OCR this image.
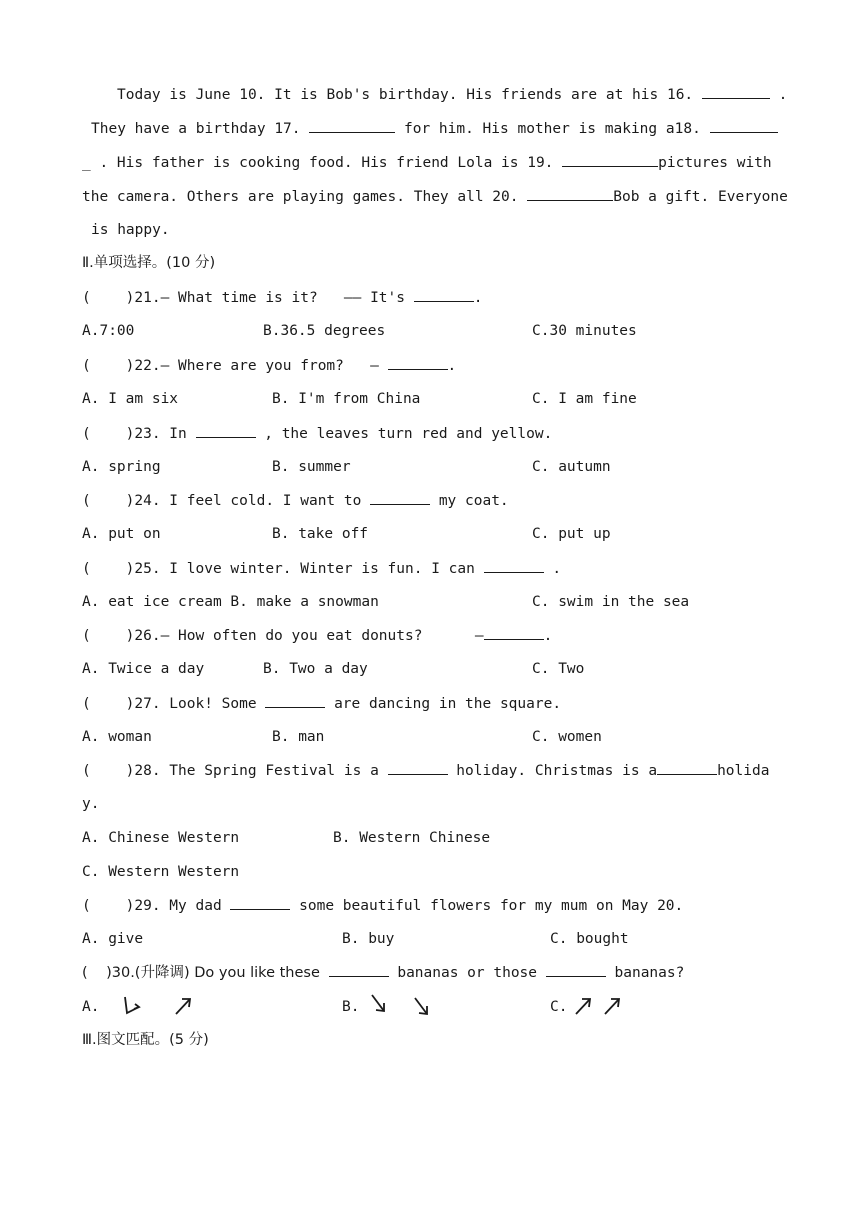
Today is June 10. It is Bob's birthday. His friends are at his 16.	.
They have a birthday 17.	for him. His mother is making a18.
_ . His father is cooking food. His friend Lola is 19.	pictures with
the camera. Others are playing games. They all 20.	Bob a gift. Everyone
is happy.
Ⅱ.单项选择。(10 分)
(    )21.— What time is it?   —— It's	.
A.7:00	B.36.5 degrees	C.30 minutes
(    )22.— Where are you from?   —	.
A. I am six	B. I'm from China	C. I am fine
(    )23. In	, the leaves turn red and yellow.
A. spring	B. summer	C. autumn
(    )24. I feel cold. I want to	my coat.
A. put on	B. take off	C. put up
(    )25. I love winter. Winter is fun. I can	.
A. eat ice cream B. make a snowman	C. swim in the sea
(    )26.— How often do you eat donuts?      —	.
A. Twice a day	B. Two a day	C. Two
(    )27. Look! Some	are dancing in the square.
A. woman	B. man	C. women
(    )28. The Spring Festival is a	holiday. Christmas is a	holida
y.
A. Chinese Western	B. Western Chinese
C. Western Western
(    )29. My dad	some beautiful flowers for my mum on May 20.
A. give	B. buy	C. bought
(    )30.(升降调) Do you like these	bananas or those	bananas?
A.	B.	C.
Ⅲ.图文匹配。(5 分)
